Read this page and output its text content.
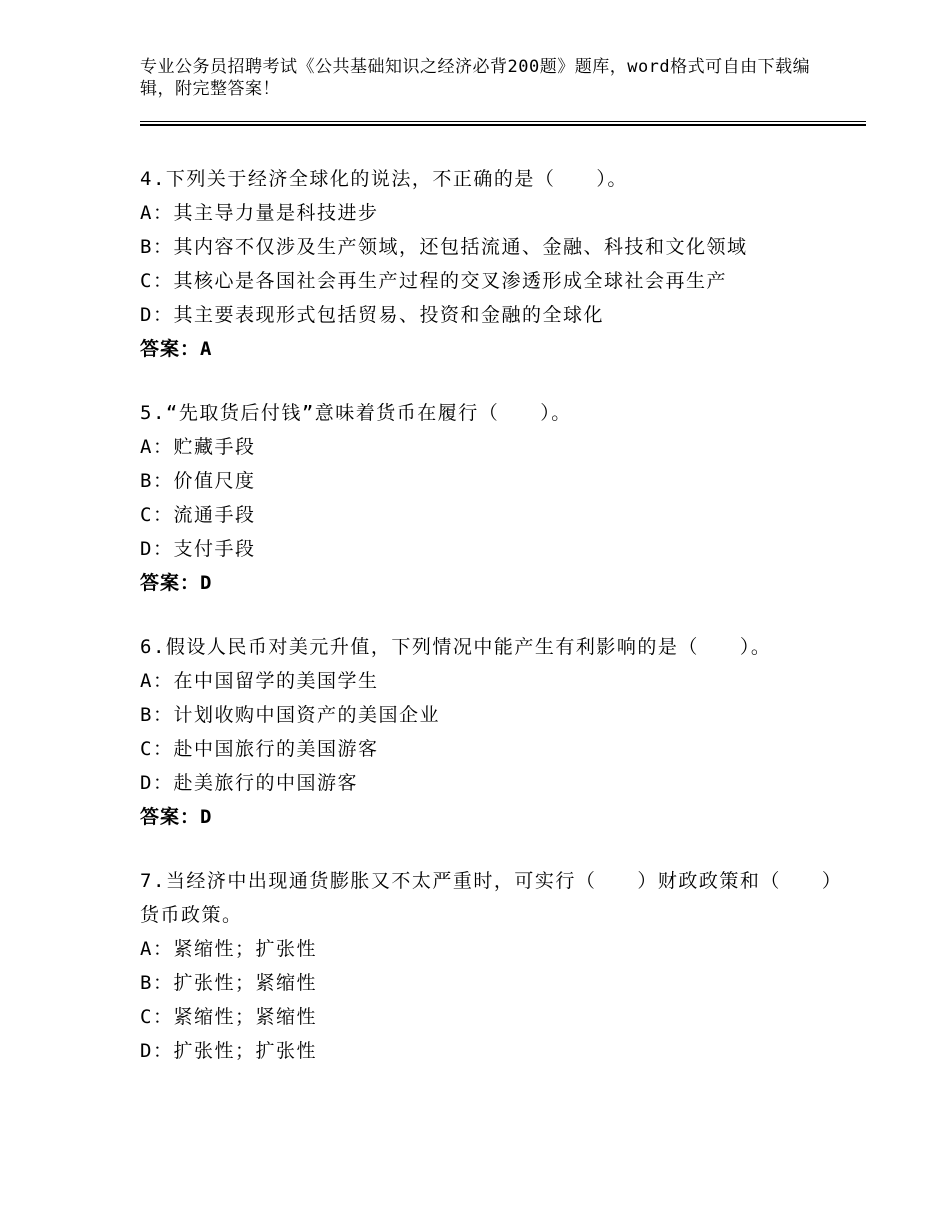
专业公务员招聘考试《公共基础知识之经济必背200题》题库，word格式可自由下载编辑，附完整答案！

4.下列关于经济全球化的说法，不正确的是（　　）。

A：其主导力量是科技进步

B：其内容不仅涉及生产领域，还包括流通、金融、科技和文化领域

C：其核心是各国社会再生产过程的交叉渗透形成全球社会再生产

D：其主要表现形式包括贸易、投资和金融的全球化

答案：A

5.“先取货后付钱”意味着货币在履行（　　）。

A：贮藏手段

B：价值尺度

C：流通手段

D：支付手段

答案：D

6.假设人民币对美元升值，下列情况中能产生有利影响的是（　　）。

A：在中国留学的美国学生

B：计划收购中国资产的美国企业

C：赴中国旅行的美国游客

D：赴美旅行的中国游客

答案：D

7.当经济中出现通货膨胀又不太严重时，可实行（　　）财政政策和（　　）货币政策。

A：紧缩性；扩张性

B：扩张性；紧缩性

C：紧缩性；紧缩性

D：扩张性；扩张性
